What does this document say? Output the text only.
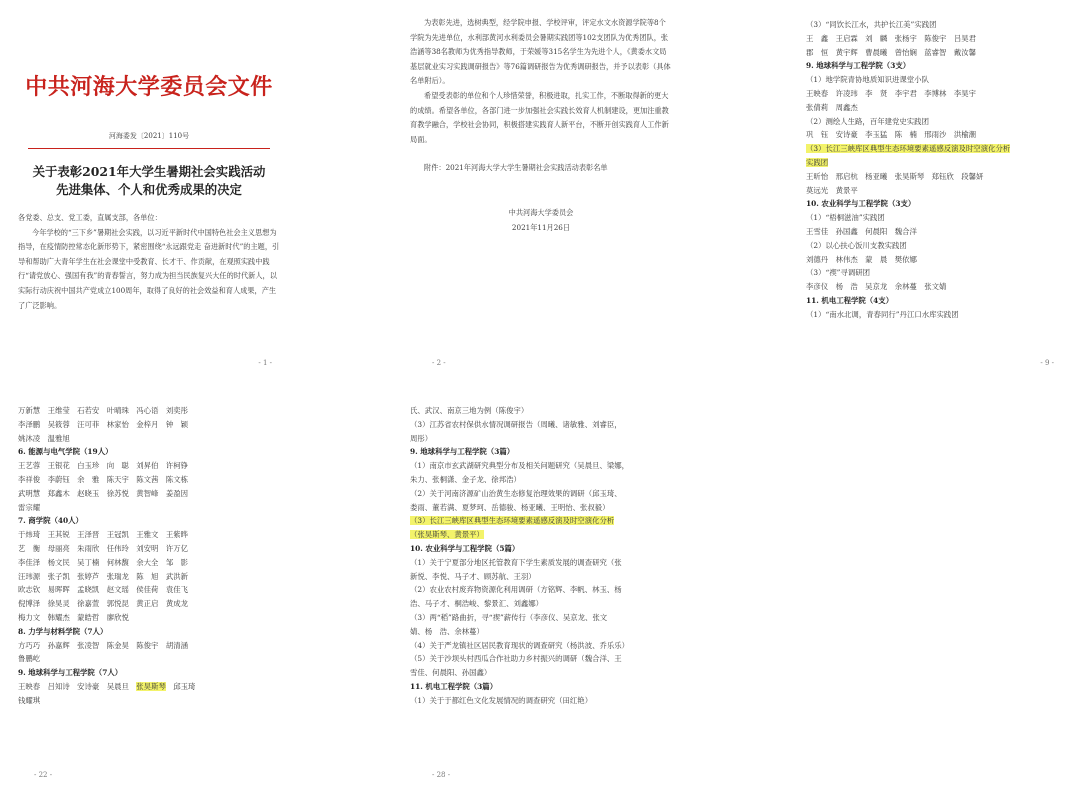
中共河海大学委员会文件
河海委发〔2021〕110号
关于表彰2021年大学生暑期社会实践活动
先进集体、个人和优秀成果的决定

各党委、总支、党工委，直属支部，各单位：

今年学校的“三下乡”暑期社会实践，以习近平新时代中国特色社会主义思想为指导，在疫情防控常态化新形势下，紧密围绕“永远跟党走 奋进新时代”的主题，引导和帮助广大青年学生在社会课堂中受教育、长才干、作贡献，在观照实践中践行“请党放心、强国有我”的青春誓言，努力成为担当民族复兴大任的时代新人，以实际行动庆祝中国共产党成立100周年，取得了良好的社会效益和育人成果，产生了广泛影响。

- 1 -

为表彰先进，选树典型，经学院申报、学校评审，评定水文水资源学院等8个学院为先进单位，水利部黄河水利委员会暑期实践团等102支团队为优秀团队，张浩涵等38名教师为优秀指导教师，于荣媛等315名学生为先进个人，《黄委水文局基层就业实习实践调研报告》等76篇调研报告为优秀调研报告，并予以表彰（具体名单附后）。

希望受表彰的单位和个人珍惜荣誉，积极进取，扎实工作，不断取得新的更大的成绩。希望各单位，各部门进一步加强社会实践长效育人机制建设，更加注重教育教学融合，学校社会协同，积极搭建实践育人新平台，不断开创实践育人工作新局面。

附件：2021年河海大学大学生暑期社会实践活动表彰名单

中共河海大学委员会

2021年11月26日

- 2 -

（3）“同饮长江水，共护长江美”实践团

王　鑫　王启霖　刘　麟　张杨宇　陈俊宇　吕昊君

郡　恒　黄宇辉　曹晨曦　曾怡娴　蓝睿智　戴汝馨

9. 地球科学与工程学院（3支）

（1）地学院青协地质知识进课堂小队

王映春　许凌玮　李　贤　李宇君　李博林　李昊宇

张倩莉　周鑫杰

（2）测绘人生路，百年建党史实践团

巩　钰　安诗豪　李玉猛　陈　楠　邢雨沙　洪榆潮

（3）长江三峡库区典型生态环境要素遥感反演及时空演化分析

实践团

王昕怡　邢启杭　杨亚曦　张昊斯琴　郑钰欣　段馨妍

莫远光　黄景平

10. 农业科学与工程学院（3支）

（1）“梧桐滋油”实践团

王雪佳　孙国鑫　何晨阳　魏合洋

（2）以心扶心饭川支教实践团

刘德丹　林伟杰　蒙　晨　樊依娜

（3）“禊”寻调研团

李彦仪　杨　浩　吴京龙　余林蔓　张文婧

11. 机电工程学院（4支）

（1）“南水北调，青春同行”丹江口水库实践团

- 9 -

万新慧　王维莹　石若安　叶晴珠　冯心语　刘奕彤

李泽鹏　吴筱蓉　汪可菲　林家怡　金梓月　钟　颖

姚沐凌　温雅旭

6. 能源与电气学院（19人）

王艺蓉　王银花　白玉珍　向　聪　刘昇伯　许柯铮

李祥俊　李蔚钰　余　雅　陈天宇　陈文茜　陈文栋

武明慧　郑鑫木　赵晓玉　徐苏悦　黄智峰　姜盈因

雷宗耀

7. 商学院（40人）

于炜琦　王其锐　王泽晋　王冠凯　王雅文　王紫晔

艺　衡　母丽亮　朱雨欣　任伟玲　刘安明　许万亿

李佳泽　杨文民　吴丁楠　何林馥　余大全　邹　影

汪玮源　张子凯　张婷芦　张瑞龙　陈　旭　武洪新

欧志钦　易晖晖　孟晓凯　赵文瑶　侯佳荷　袁佳飞

倪博泽　徐昊灵　徐嘉萱　郭悦昆　黄正启　黄成龙

梅力文　韩耀杰　蒙皓哲　廖欣悦

8. 力学与材料学院（7人）

方巧巧　孙嘉辉　张凌智　陈金昊　陈俊宇　胡清涵

鲁鹏屹

9. 地球科学与工程学院（7人）

王映春　吕知诗　安诗豪　吴晨旦　张昊斯琴　邱玉琦

钱耀琪

- 22 -

氏、武汉、南京三地为例（陈俊宇）

（3）江苏省农村保供水情况调研报告（周曦、诸敏雅、刘睿臣，

周彤）

9. 地球科学与工程学院（3篇）

（1）南京市玄武湖研究典型分布及相关问题研究（吴晨旦、梁娜，

朱力、张桐潇、金子龙、徐邦浩）

（2）关于河南济源矿山治黄生态修复治理效果的调研（邱玉琦、

娄雨、董若满、夏梦珂、岳德骏、杨亚曦、王明怡、张叔毅）

（3）长江三峡库区典型生态环境要素遥感反演及时空演化分析

（张昊斯琴、黄景平）

10. 农业科学与工程学院（5篇）

（1）关于宁夏部分地区托管教育下学生素质发展的调查研究（张

新悦、李悦、马子才、顾苏航、王羽）

（2）农业农村废弃物资源化利用调研（方铭辉、李帆、林玉、杨

浩、马子才、桐浩峻、黎景汇、刘鑫娜）

（3）两“稻”路曲折，寻“禊”薪传行（李彦仪、吴京龙、张文

婧、杨　浩、余林蔓）

（4）关于严龙镇社区居民教育现状的调查研究（杨洪波、乔乐乐）

（5）关于沙坝头村西瓜合作社助力乡村振兴的调研（魏合洋、王

雪佳、何晨阳、孙国鑫）

11. 机电工程学院（3篇）

（1）关于于都红色文化发展情况的调查研究（田红艳）

- 28 -
